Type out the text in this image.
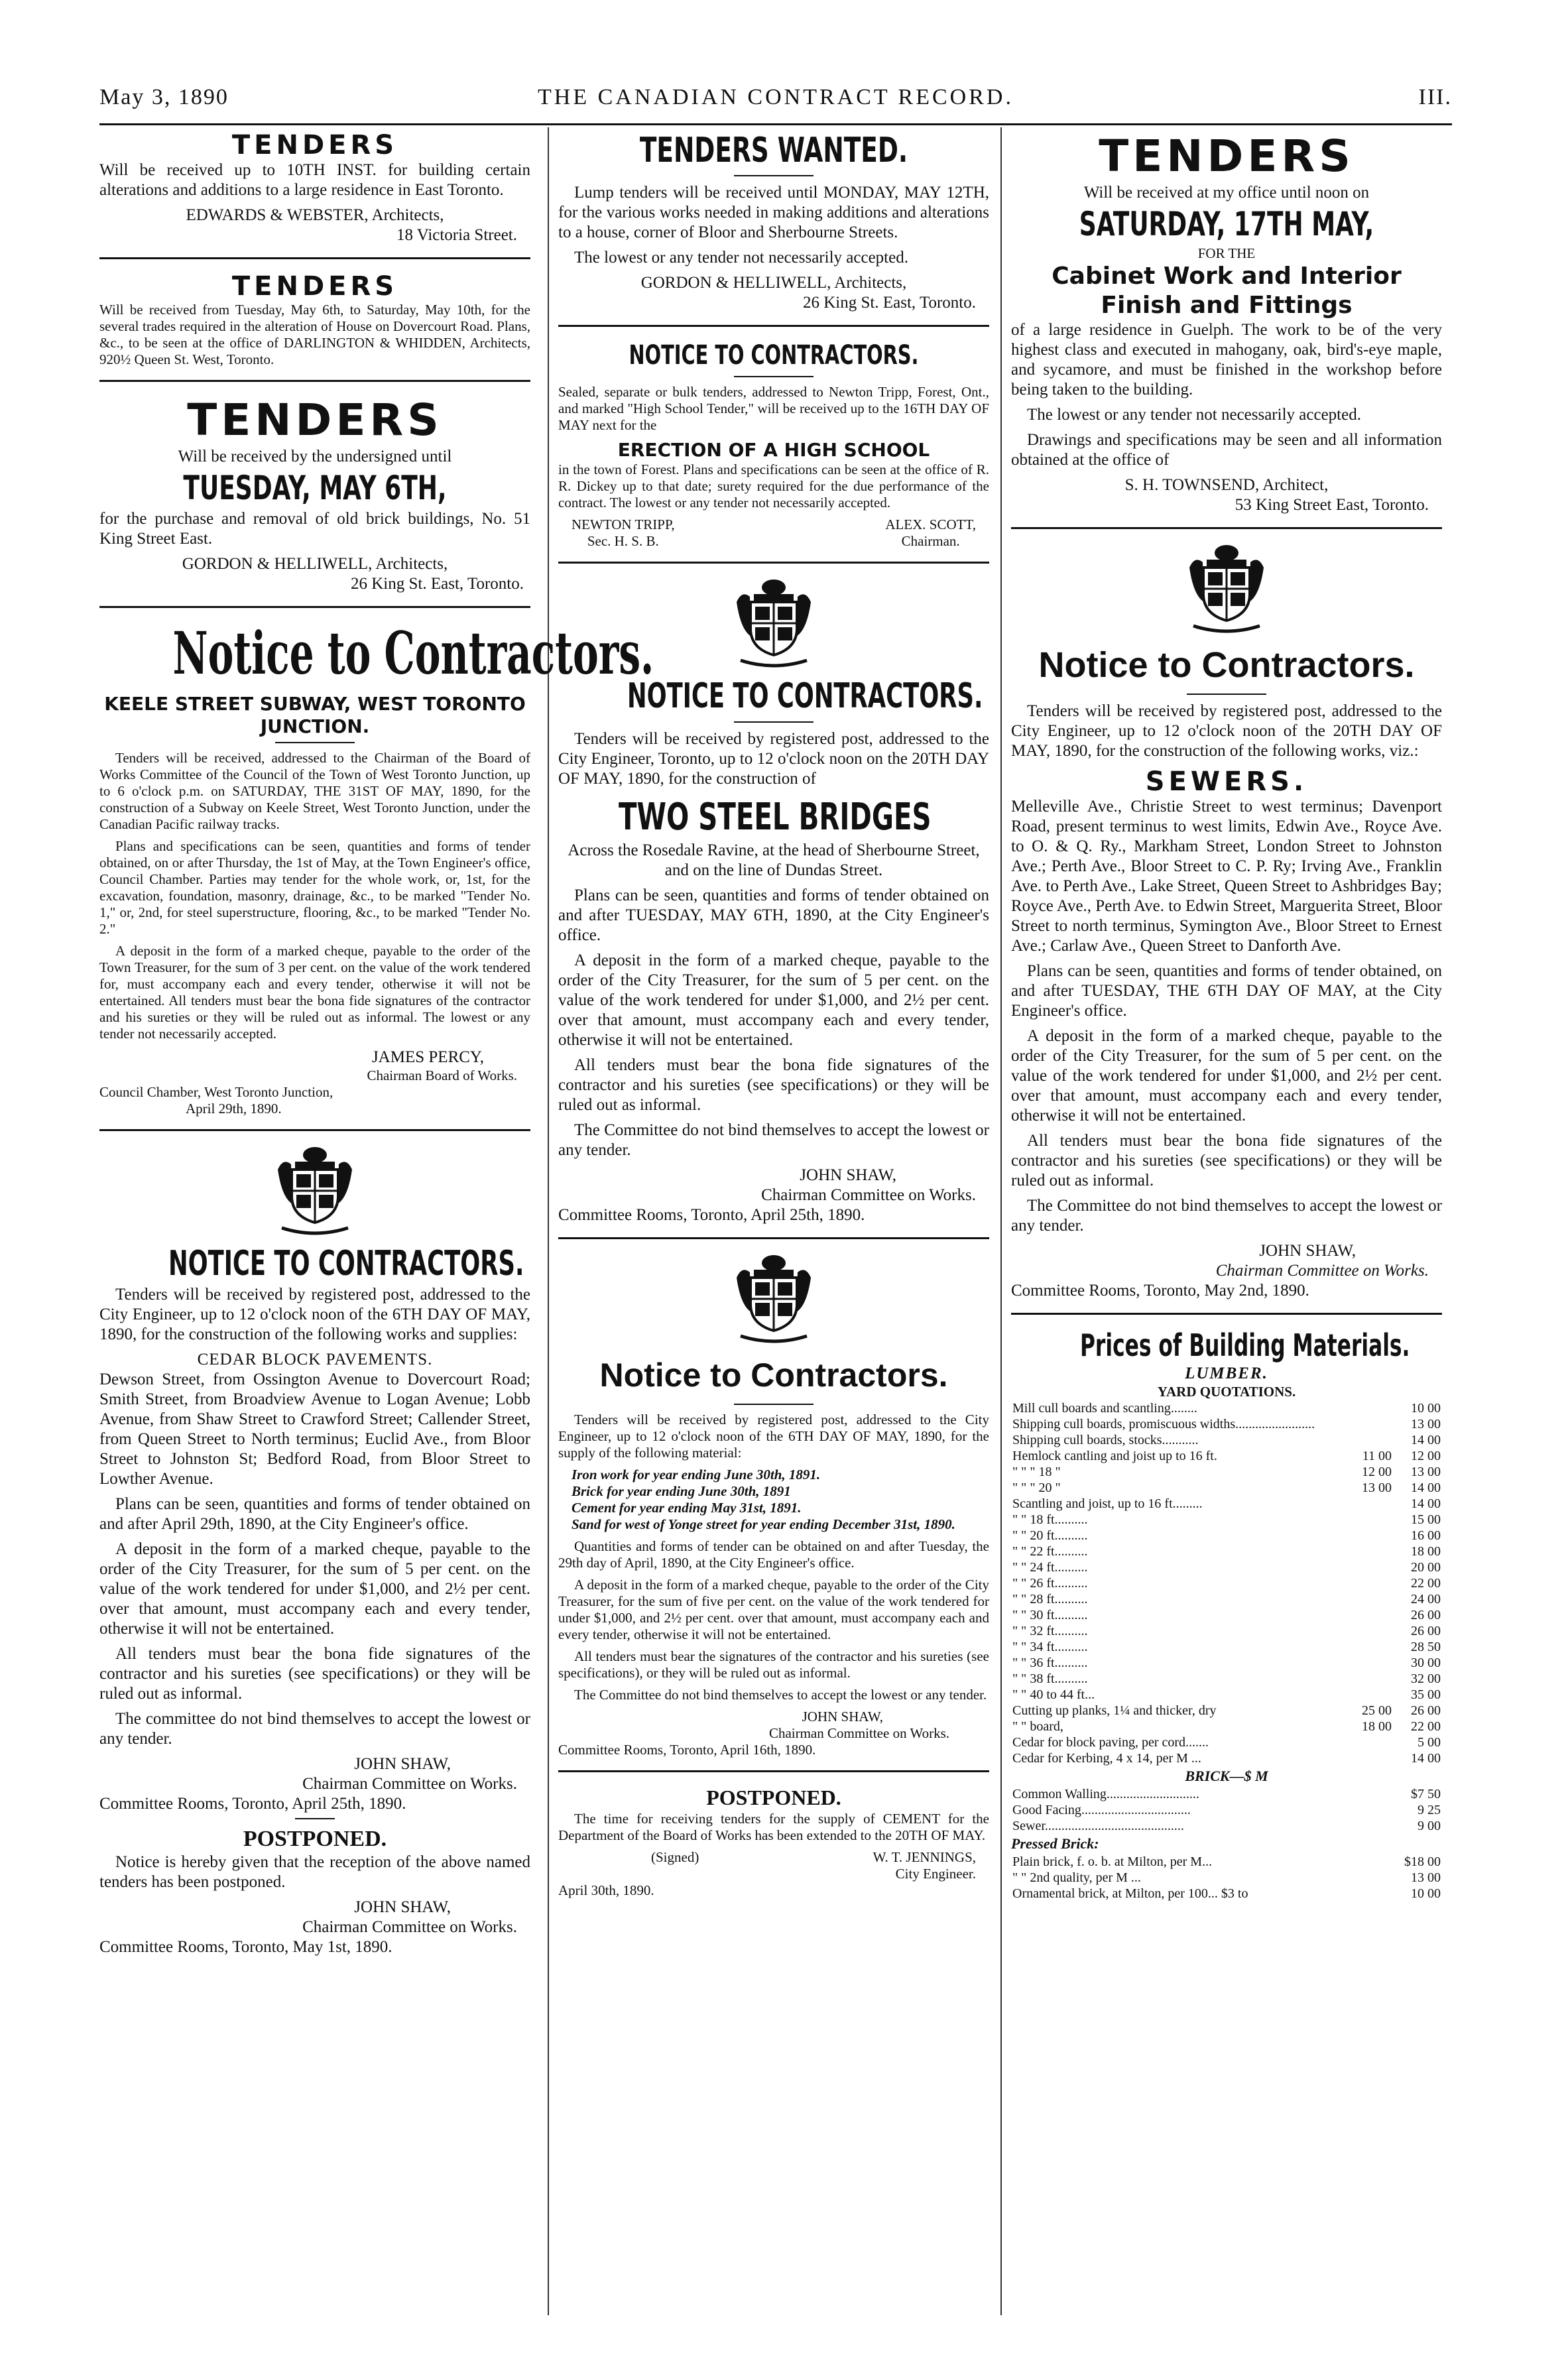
May 3, 1890	THE CANADIAN CONTRACT RECORD.	III.
TENDERS
Will be received up to 10TH INST. for building certain alterations and additions to a large residence in East Toronto.
EDWARDS & WEBSTER, Architects,
18 Victoria Street.
TENDERS
Will be received from Tuesday, May 6th, to Saturday, May 10th, for the several trades required in the alteration of House on Dovercourt Road. Plans, &c., to be seen at the office of DARLINGTON & WHIDDEN, Architects, 920½ Queen St. West, Toronto.
TENDERS
Will be received by the undersigned until
TUESDAY, MAY 6TH,
for the purchase and removal of old brick buildings, No. 51 King Street East.
GORDON & HELLIWELL, Architects,
26 King St. East, Toronto.
Notice to Contractors.
KEELE STREET SUBWAY, WEST TORONTO JUNCTION.
Tenders will be received, addressed to the Chairman of the Board of Works Committee of the Council of the Town of West Toronto Junction, up to 6 o'clock p.m. on SATURDAY, THE 31ST OF MAY, 1890, for the construction of a Subway on Keele Street, West Toronto Junction, under the Canadian Pacific railway tracks.
Plans and specifications can be seen, quantities and forms of tender obtained, on or after Thursday, the 1st of May, at the Town Engineer's office, Council Chamber. Parties may tender for the whole work, or, 1st, for the excavation, foundation, masonry, drainage, &c., to be marked "Tender No. 1," or, 2nd, for steel superstructure, flooring, &c., to be marked "Tender No. 2."
A deposit in the form of a marked cheque, payable to the order of the Town Treasurer, for the sum of 3 per cent. on the value of the work tendered for, must accompany each and every tender, otherwise it will not be entertained. All tenders must bear the bona fide signatures of the contractor and his sureties or they will be ruled out as informal. The lowest or any tender not necessarily accepted.
JAMES PERCY,
Chairman Board of Works.
Council Chamber, West Toronto Junction,
April 29th, 1890.
NOTICE TO CONTRACTORS.
Tenders will be received by registered post, addressed to the City Engineer, up to 12 o'clock noon of the 6TH DAY OF MAY, 1890, for the construction of the following works and supplies:
CEDAR BLOCK PAVEMENTS.
Dewson Street, from Ossington Avenue to Dovercourt Road; Smith Street, from Broadview Avenue to Logan Avenue; Lobb Avenue, from Shaw Street to Crawford Street; Callender Street, from Queen Street to North terminus; Euclid Ave., from Bloor Street to Johnston St; Bedford Road, from Bloor Street to Lowther Avenue.
Plans can be seen, quantities and forms of tender obtained on and after April 29th, 1890, at the City Engineer's office.
A deposit in the form of a marked cheque, payable to the order of the City Treasurer, for the sum of 5 per cent. on the value of the work tendered for under $1,000, and 2½ per cent. over that amount, must accompany each and every tender, otherwise it will not be entertained.
All tenders must bear the bona fide signatures of the contractor and his sureties (see specifications) or they will be ruled out as informal.
The committee do not bind themselves to accept the lowest or any tender.
JOHN SHAW,
Chairman Committee on Works.
Committee Rooms, Toronto, April 25th, 1890.
POSTPONED.
Notice is hereby given that the reception of the above named tenders has been postponed.
JOHN SHAW,
Chairman Committee on Works.
Committee Rooms, Toronto, May 1st, 1890.
TENDERS WANTED.
Lump tenders will be received until MONDAY, MAY 12TH, for the various works needed in making additions and alterations to a house, corner of Bloor and Sherbourne Streets.
The lowest or any tender not necessarily accepted.
GORDON & HELLIWELL, Architects,
26 King St. East, Toronto.
NOTICE TO CONTRACTORS.
Sealed, separate or bulk tenders, addressed to Newton Tripp, Forest, Ont., and marked "High School Tender," will be received up to the 16TH DAY OF MAY next for the
ERECTION OF A HIGH SCHOOL
in the town of Forest. Plans and specifications can be seen at the office of R. R. Dickey up to that date; surety required for the due performance of the contract. The lowest or any tender not necessarily accepted.
NEWTON TRIPP,
Sec. H. S. B.
ALEX. SCOTT,
Chairman.
NOTICE TO CONTRACTORS.
Tenders will be received by registered post, addressed to the City Engineer, Toronto, up to 12 o'clock noon on the 20TH DAY OF MAY, 1890, for the construction of
TWO STEEL BRIDGES
Across the Rosedale Ravine, at the head of Sherbourne Street, and on the line of Dundas Street.
Plans can be seen, quantities and forms of tender obtained on and after TUESDAY, MAY 6TH, 1890, at the City Engineer's office.
A deposit in the form of a marked cheque, payable to the order of the City Treasurer, for the sum of 5 per cent. on the value of the work tendered for under $1,000, and 2½ per cent. over that amount, must accompany each and every tender, otherwise it will not be entertained.
All tenders must bear the bona fide signatures of the contractor and his sureties (see specifications) or they will be ruled out as informal.
The Committee do not bind themselves to accept the lowest or any tender.
JOHN SHAW,
Chairman Committee on Works.
Committee Rooms, Toronto, April 25th, 1890.
Notice to Contractors.
Tenders will be received by registered post, addressed to the City Engineer, up to 12 o'clock noon of the 6TH DAY OF MAY, 1890, for the supply of the following material:
Iron work for year ending June 30th, 1891.
Brick for year ending June 30th, 1891
Cement for year ending May 31st, 1891.
Sand for west of Yonge street for year ending December 31st, 1890.
Quantities and forms of tender can be obtained on and after Tuesday, the 29th day of April, 1890, at the City Engineer's office.
A deposit in the form of a marked cheque, payable to the order of the City Treasurer, for the sum of five per cent. on the value of the work tendered for under $1,000, and 2½ per cent. over that amount, must accompany each and every tender, otherwise it will not be entertained.
All tenders must bear the signatures of the contractor and his sureties (see specifications), or they will be ruled out as informal.
The Committee do not bind themselves to accept the lowest or any tender.
JOHN SHAW,
Chairman Committee on Works.
Committee Rooms, Toronto, April 16th, 1890.
POSTPONED.
The time for receiving tenders for the supply of CEMENT for the Department of the Board of Works has been extended to the 20TH OF MAY.
(Signed)	W. T. JENNINGS,
City Engineer.
April 30th, 1890.
TENDERS
Will be received at my office until noon on
SATURDAY, 17TH MAY,
FOR THE
Cabinet Work and Interior Finish and Fittings
of a large residence in Guelph. The work to be of the very highest class and executed in mahogany, oak, bird's-eye maple, and sycamore, and must be finished in the workshop before being taken to the building.
The lowest or any tender not necessarily accepted.
Drawings and specifications may be seen and all information obtained at the office of
S. H. TOWNSEND, Architect,
53 King Street East, Toronto.
Notice to Contractors.
Tenders will be received by registered post, addressed to the City Engineer, up to 12 o'clock noon of the 20TH DAY OF MAY, 1890, for the construction of the following works, viz.:
SEWERS.
Melleville Ave., Christie Street to west terminus; Davenport Road, present terminus to west limits, Edwin Ave., Royce Ave. to O. & Q. Ry., Markham Street, London Street to Johnston Ave.; Perth Ave., Bloor Street to C. P. Ry; Irving Ave., Franklin Ave. to Perth Ave., Lake Street, Queen Street to Ashbridges Bay; Royce Ave., Perth Ave. to Edwin Street, Marguerita Street, Bloor Street to north terminus, Symington Ave., Bloor Street to Ernest Ave.; Carlaw Ave., Queen Street to Danforth Ave.
Plans can be seen, quantities and forms of tender obtained, on and after TUESDAY, THE 6TH DAY OF MAY, at the City Engineer's office.
A deposit in the form of a marked cheque, payable to the order of the City Treasurer, for the sum of 5 per cent. on the value of the work tendered for under $1,000, and 2½ per cent. over that amount, must accompany each and every tender, otherwise it will not be entertained.
All tenders must bear the bona fide signatures of the contractor and his sureties (see specifications) or they will be ruled out as informal.
The Committee do not bind themselves to accept the lowest or any tender.
JOHN SHAW,
Chairman Committee on Works.
Committee Rooms, Toronto, May 2nd, 1890.
Prices of Building Materials.
LUMBER.
YARD QUOTATIONS.
Mill cull boards and scantling........		10 00
Shipping cull boards, promiscuous widths........................		13 00
Shipping cull boards, stocks...........		14 00
Hemlock cantling and joist up to 16 ft.	11 00	12 00
" " " 18 "	12 00	13 00
" " " 20 "	13 00	14 00
Scantling and joist, up to 16 ft.........		14 00
" " 18 ft..........		15 00
" " 20 ft..........		16 00
" " 22 ft..........		18 00
" " 24 ft..........		20 00
" " 26 ft..........		22 00
" " 28 ft..........		24 00
" " 30 ft..........		26 00
" " 32 ft..........		26 00
" " 34 ft..........		28 50
" " 36 ft..........		30 00
" " 38 ft..........		32 00
" " 40 to 44 ft...		35 00
Cutting up planks, 1¼ and thicker, dry	25 00	26 00
" " board,	18 00	22 00
Cedar for block paving, per cord.......		5 00
Cedar for Kerbing, 4 x 14, per M ...		14 00
BRICK—$ M
Common Walling............................		$7 50
Good Facing.................................		9 25
Sewer..........................................		9 00
Pressed Brick:
Plain brick, f. o. b. at Milton, per M...		$18 00
" " 2nd quality, per M ...		13 00
Ornamental brick, at Milton, per 100... $3 to		10 00
